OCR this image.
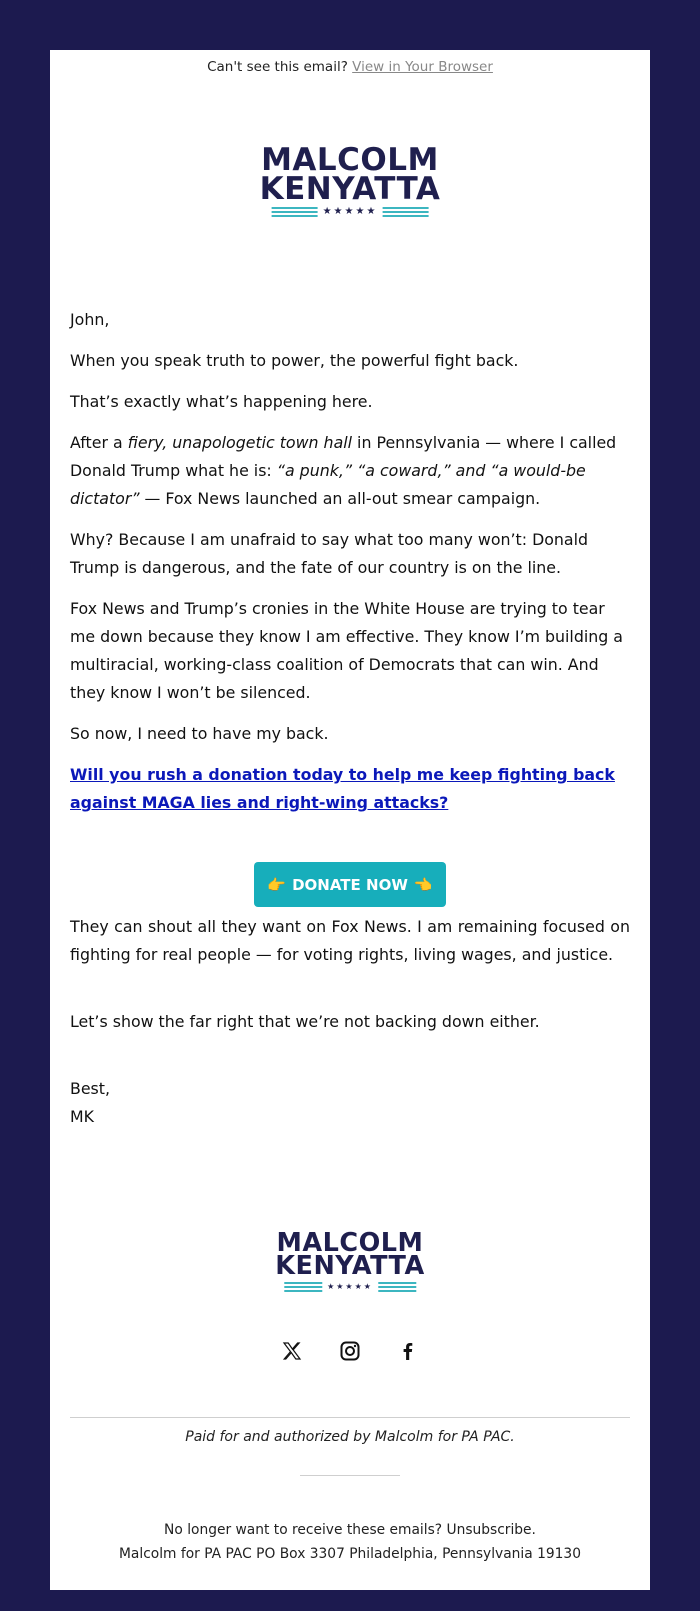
Can't see this email? View in Your Browser
MALCOLM
KENYATTA
★★★★★

John,

When you speak truth to power, the powerful fight back.

That’s exactly what’s happening here.

After a fiery, unapologetic town hall in Pennsylvania — where I called Donald Trump what he is: “a punk,” “a coward,” and “a would-be dictator” — Fox News launched an all-out smear campaign.

Why? Because I am unafraid to say what too many won’t: Donald Trump is dangerous, and the fate of our country is on the line.

Fox News and Trump’s cronies in the White House are trying to tear me down because they know I am effective. They know I’m building a multiracial, working-class coalition of Democrats that can win. And they know I won’t be silenced.

So now, I need to have my back.

Will you rush a donation today to help me keep fighting back against MAGA lies and right-wing attacks?

👉 DONATE NOW 👈

They can shout all they want on Fox News. I am remaining focused on fighting for real people — for voting rights, living wages, and justice.

Let’s show the far right that we’re not backing down either.

Best,

MK

MALCOLM
KENYATTA
★★★★★
Paid for and authorized by Malcolm for PA PAC.
No longer want to receive these emails? Unsubscribe.
Malcolm for PA PAC PO Box 3307 Philadelphia, Pennsylvania 19130
